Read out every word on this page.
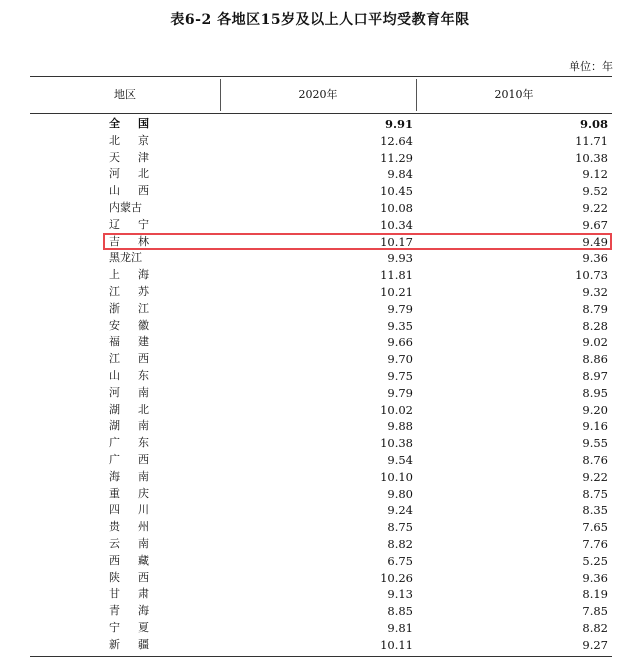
表6-2 各地区15岁及以上人口平均受教育年限
单位：年
地区	2020年	2010年
全 国	9.91	9.08
北 京	12.64	11.71
天 津	11.29	10.38
河 北	9.84	9.12
山 西	10.45	9.52
内 蒙 古	10.08	9.22
辽 宁	10.34	9.67
吉 林	10.17	9.49
黑 龙 江	9.93	9.36
上 海	11.81	10.73
江 苏	10.21	9.32
浙 江	9.79	8.79
安 徽	9.35	8.28
福 建	9.66	9.02
江 西	9.70	8.86
山 东	9.75	8.97
河 南	9.79	8.95
湖 北	10.02	9.20
湖 南	9.88	9.16
广 东	10.38	9.55
广 西	9.54	8.76
海 南	10.10	9.22
重 庆	9.80	8.75
四 川	9.24	8.35
贵 州	8.75	7.65
云 南	8.82	7.76
西 藏	6.75	5.25
陕 西	10.26	9.36
甘 肃	9.13	8.19
青 海	8.85	7.85
宁 夏	9.81	8.82
新 疆	10.11	9.27
